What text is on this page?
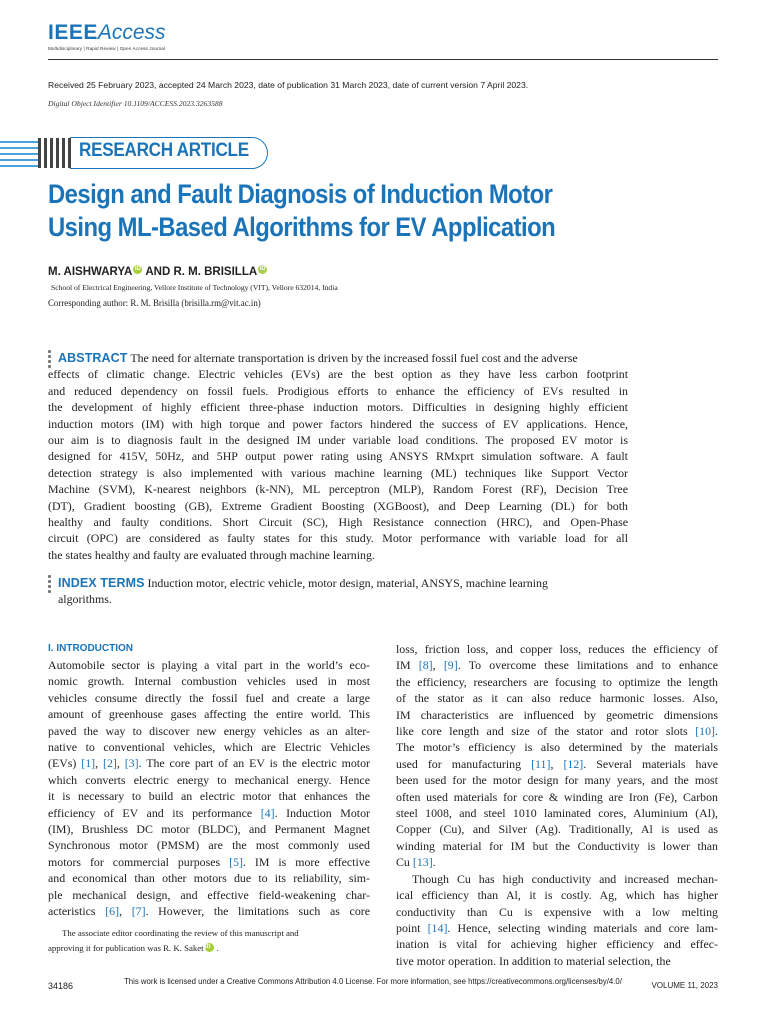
IEEEAccess
Multidisciplinary | Rapid Review | Open Access Journal
Received 25 February 2023, accepted 24 March 2023, date of publication 31 March 2023, date of current version 7 April 2023.
Digital Object Identifier 10.1109/ACCESS.2023.3263588
RESEARCH ARTICLE
Design and Fault Diagnosis of Induction Motor
Using ML-Based Algorithms for EV Application
M. AISHWARYA iD AND R. M. BRISILLA iD
School of Electrical Engineering, Vellore Institute of Technology (VIT), Vellore 632014, India
Corresponding author: R. M. Brisilla (brisilla.rm@vit.ac.in)
ABSTRACT The need for alternate transportation is driven by the increased fossil fuel cost and the adverse
effects of climatic change. Electric vehicles (EVs) are the best option as they have less carbon footprint
and reduced dependency on fossil fuels. Prodigious efforts to enhance the efficiency of EVs resulted in
the development of highly efficient three-phase induction motors. Difficulties in designing highly efficient
induction motors (IM) with high torque and power factors hindered the success of EV applications. Hence,
our aim is to diagnosis fault in the designed IM under variable load conditions. The proposed EV motor is
designed for 415V, 50Hz, and 5HP output power rating using ANSYS RMxprt simulation software. A fault
detection strategy is also implemented with various machine learning (ML) techniques like Support Vector
Machine (SVM), K-nearest neighbors (k-NN), ML perceptron (MLP), Random Forest (RF), Decision Tree
(DT), Gradient boosting (GB), Extreme Gradient Boosting (XGBoost), and Deep Learning (DL) for both
healthy and faulty conditions. Short Circuit (SC), High Resistance connection (HRC), and Open-Phase
circuit (OPC) are considered as faulty states for this study. Motor performance with variable load for all
the states healthy and faulty are evaluated through machine learning.
INDEX TERMS Induction motor, electric vehicle, motor design, material, ANSYS, machine learning
algorithms.
I. INTRODUCTION
Automobile sector is playing a vital part in the world’s eco-
nomic growth. Internal combustion vehicles used in most
vehicles consume directly the fossil fuel and create a large
amount of greenhouse gases affecting the entire world. This
paved the way to discover new energy vehicles as an alter-
native to conventional vehicles, which are Electric Vehicles
(EVs) [1], [2], [3]. The core part of an EV is the electric motor
which converts electric energy to mechanical energy. Hence
it is necessary to build an electric motor that enhances the
efficiency of EV and its performance [4]. Induction Motor
(IM), Brushless DC motor (BLDC), and Permanent Magnet
Synchronous motor (PMSM) are the most commonly used
motors for commercial purposes [5]. IM is more effective
and economical than other motors due to its reliability, sim-
ple mechanical design, and effective field-weakening char-
acteristics [6], [7]. However, the limitations such as core
loss, friction loss, and copper loss, reduces the efficiency of
IM [8], [9]. To overcome these limitations and to enhance
the efficiency, researchers are focusing to optimize the length
of the stator as it can also reduce harmonic losses. Also,
IM characteristics are influenced by geometric dimensions
like core length and size of the stator and rotor slots [10].
The motor’s efficiency is also determined by the materials
used for manufacturing [11], [12]. Several materials have
been used for the motor design for many years, and the most
often used materials for core & winding are Iron (Fe), Carbon
steel 1008, and steel 1010 laminated cores, Aluminium (Al),
Copper (Cu), and Silver (Ag). Traditionally, Al is used as
winding material for IM but the Conductivity is lower than
Cu [13].
Though Cu has high conductivity and increased mechan-
ical efficiency than Al, it is costly. Ag, which has higher
conductivity than Cu is expensive with a low melting
point [14]. Hence, selecting winding materials and core lam-
ination is vital for achieving higher efficiency and effec-
tive motor operation. In addition to material selection, the
The associate editor coordinating the review of this manuscript and
approving it for publication was R. K. SaketiD .
34186	This work is licensed under a Creative Commons Attribution 4.0 License. For more information, see https://creativecommons.org/licenses/by/4.0/	VOLUME 11, 2023
